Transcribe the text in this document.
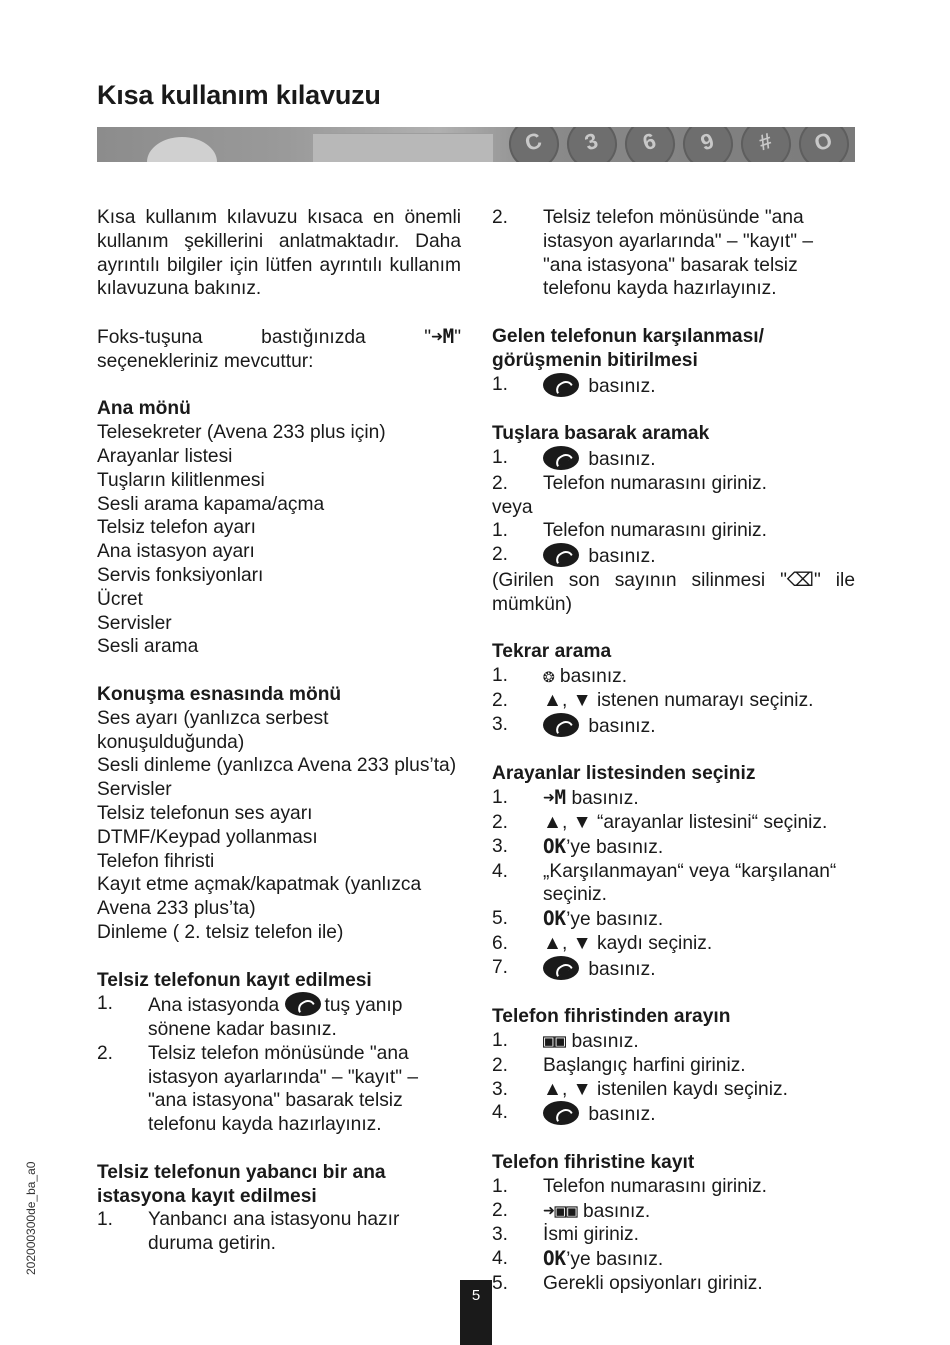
Kısa kullanım kılavuzu
C	3	6	9	#	O
Kısa kullanım kılavuzu kısaca en önemli kullanım şekillerini anlatmaktadır. Daha ayrıntılı bilgiler için lütfen ayrıntılı kullanım kılavuzuna bakınız.
Foks-tuşuna bastığınızda "➜M" seçenekleriniz mevcuttur:
Ana mönü
Telesekreter (Avena 233 plus için)
Arayanlar listesi
Tuşların kilitlenmesi
Sesli arama kapama/açma
Telsiz telefon ayarı
Ana istasyon ayarı
Servis fonksiyonları
Ücret
Servisler
Sesli arama
Konuşma esnasında mönü
Ses ayarı (yanlızca serbest konuşulduğunda)
Sesli dinleme (yanlızca Avena 233 plus’ta)
Servisler
Telsiz telefonun ses ayarı
DTMF/Keypad yollanması
Telefon fihristi
Kayıt etme açmak/kapatmak (yanlızca Avena 233 plus’ta)
Dinleme ( 2. telsiz telefon ile)
Telsiz telefonun kayıt edilmesi
1.	Ana istasyonda tuş yanıp sönene kadar basınız.
2.	Telsiz telefon mönüsünde "ana istasyon ayarlarında" – "kayıt" – "ana istasyona" basarak telsiz telefonu kayda hazırlayınız.
Telsiz telefonun yabancı bir ana istasyona kayıt edilmesi
1.	Yanbancı ana istasyonu hazır duruma getirin.
2.	Telsiz telefon mönüsünde "ana istasyon ayarlarında" – "kayıt" – "ana istasyona" basarak telsiz telefonu kayda hazırlayınız.
Gelen telefonun karşılanması/ görüşmenin bitirilmesi
1.	basınız.
Tuşlara basarak aramak
1.	basınız.
2.	Telefon numarasını giriniz.
veya
1.	Telefon numarasını giriniz.
2.	basınız.
(Girilen son sayının silinmesi "⌫" ile mümkün)
Tekrar arama
1.	❂ basınız.
2.	▲, ▼ istenen numarayı seçiniz.
3.	basınız.
Arayanlar listesinden seçiniz
1.	➜M basınız.
2.	▲, ▼ “arayanlar listesini“ seçiniz.
3.	OK’ye basınız.
4.	„Karşılanmayan“ veya “karşılanan“ seçiniz.
5.	OK’ye basınız.
6.	▲, ▼ kaydı seçiniz.
7.	basınız.
Telefon fihristinden arayın
1.	▣▣ basınız.
2.	Başlangıç harfini giriniz.
3.	▲, ▼ istenilen kaydı seçiniz.
4.	basınız.
Telefon fihristine kayıt
1.	Telefon numarasını giriniz.
2.	➜▣▣ basınız.
3.	İsmi giriniz.
4.	OK’ye basınız.
5.	Gerekli opsiyonları giriniz.
202000300de_ba_a0
5
